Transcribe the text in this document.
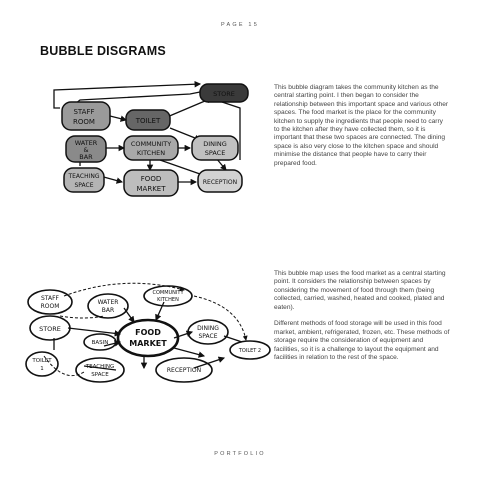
PAGE 15
BUBBLE DISGRAMS
STORE
STAFF
ROOM	TOILET
WATER
&
BAR
COMMUNITY
KITCHEN
DINING
SPACE
TEACHING
SPACE
FOOD
MARKET
RECEPTION

This bubble diagram takes the community kitchen as the central starting point. I then began to consider the relationship between this important space and various other spaces. The food market is the place for the community kitchen to supply the ingredients that people need to carry to the kitchen after they have collected them, so it is important that these two spaces are connected. The dining space is also very close to the kitchen space and should minimise the distance that people have to carry their prepared food.

STAFF
ROOM
WATER
BAR
COMMUNITY
KITCHEN
STORE
BASIN
FOOD
MARKET
DINING
SPACE
TOILET
1
TOILET 2
TEACHING
SPACE
RECEPTION

This bubble map uses the food market as a central starting point. It considers the relationship between spaces by considering the movement of food through them (being collected, carried, washed, heated and cooked, plated and eaten).

Different methods of food storage will be used in this food market, ambient, refrigerated, frozen, etc. These methods of storage require the consideration of equipment and facilities, so it is a challenge to layout the equipment and facilities in relation to the rest of the space.

PORTFOLIO
